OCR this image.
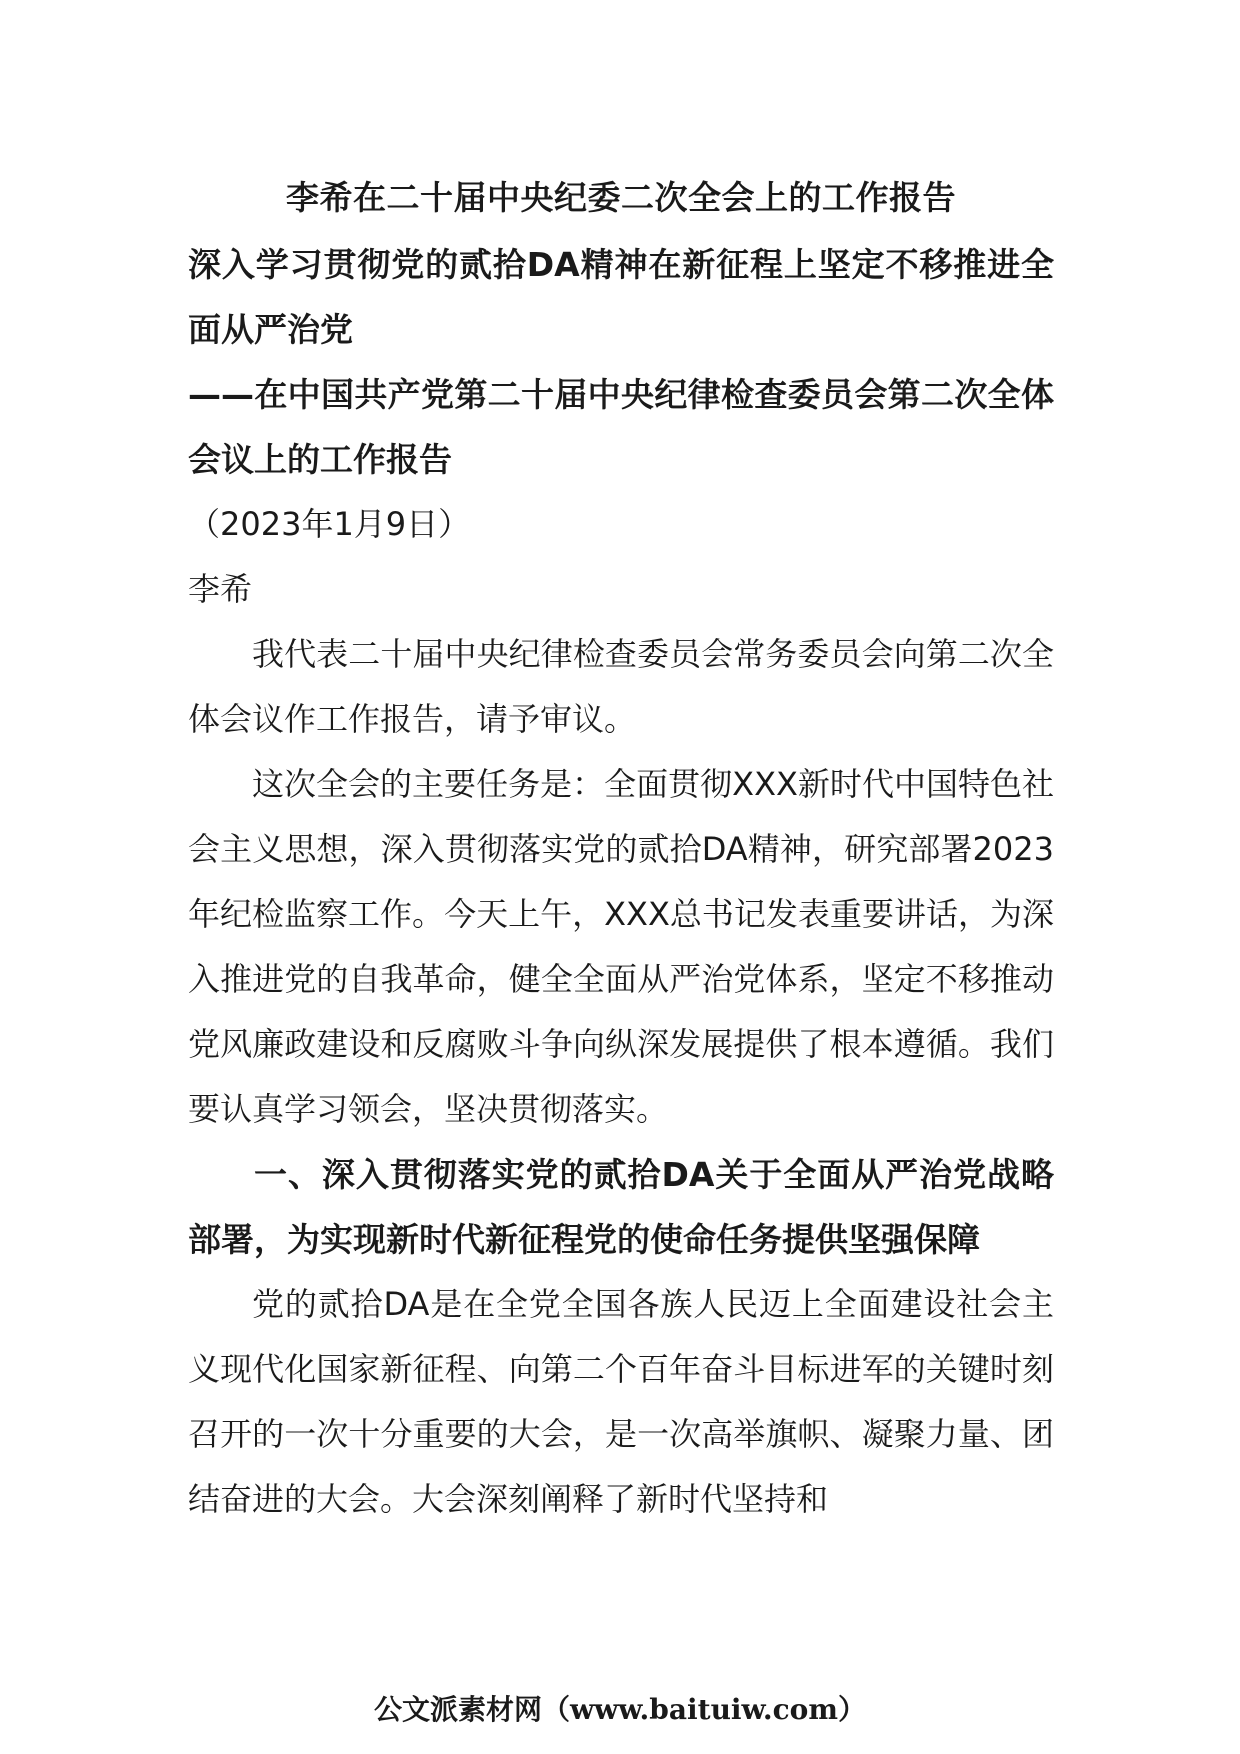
李希在二十届中央纪委二次全会上的工作报告

深入学习贯彻党的贰拾DA精神在新征程上坚定不移推进全面从严治党

——在中国共产党第二十届中央纪律检查委员会第二次全体会议上的工作报告

（2023年1月9日）

李希

我代表二十届中央纪律检查委员会常务委员会向第二次全体会议作工作报告，请予审议。

这次全会的主要任务是：全面贯彻XXX新时代中国特色社会主义思想，深入贯彻落实党的贰拾DA精神，研究部署2023年纪检监察工作。今天上午，XXX总书记发表重要讲话，为深入推进党的自我革命，健全全面从严治党体系，坚定不移推动党风廉政建设和反腐败斗争向纵深发展提供了根本遵循。我们要认真学习领会，坚决贯彻落实。

一、深入贯彻落实党的贰拾DA关于全面从严治党战略部署，为实现新时代新征程党的使命任务提供坚强保障

党的贰拾DA是在全党全国各族人民迈上全面建设社会主义现代化国家新征程、向第二个百年奋斗目标进军的关键时刻召开的一次十分重要的大会，是一次高举旗帜、凝聚力量、团结奋进的大会。大会深刻阐释了新时代坚持和

公文派素材网（www.baituiw.com）
